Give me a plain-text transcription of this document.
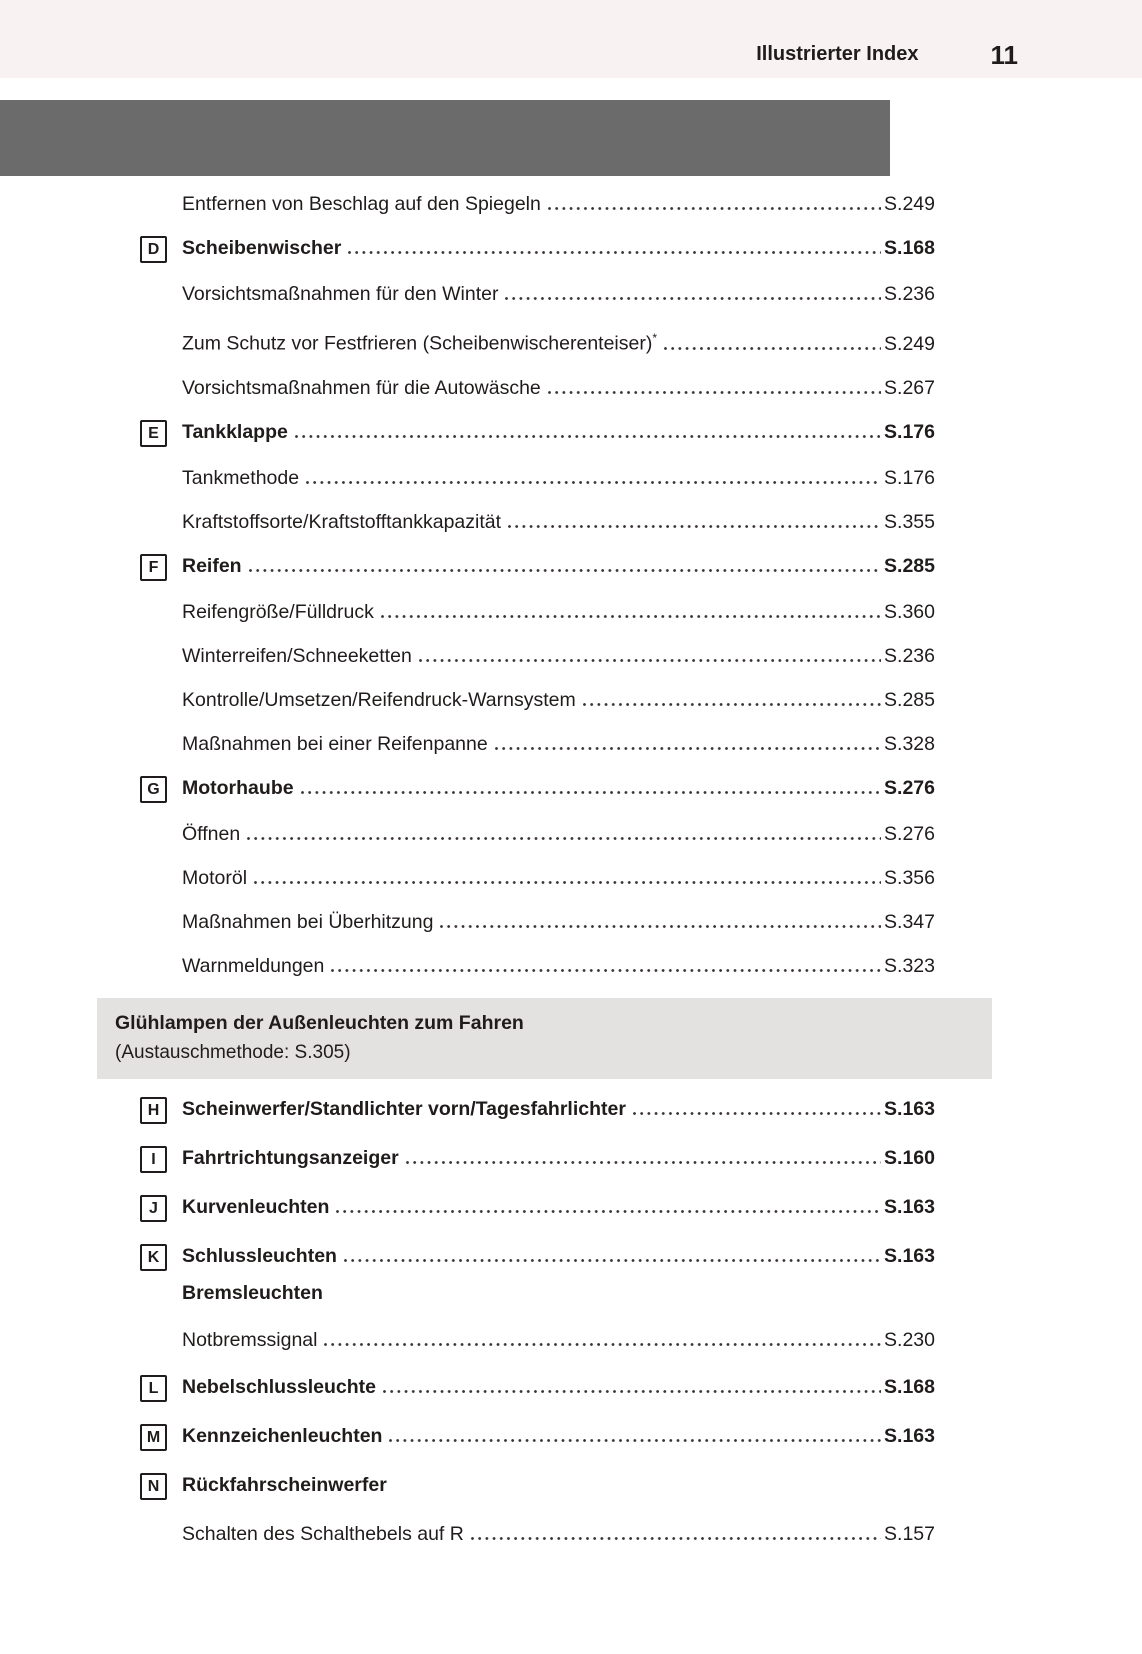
Illustrierter Index	11
Entfernen von Beschlag auf den Spiegeln	S.249
D	Scheibenwischer	S.168
Vorsichtsmaßnahmen für den Winter	S.236
Zum Schutz vor Festfrieren (Scheibenwischerenteiser)*	S.249
Vorsichtsmaßnahmen für die Autowäsche	S.267
E	Tankklappe	S.176
Tankmethode	S.176
Kraftstoffsorte/Kraftstofftankkapazität	S.355
F	Reifen	S.285
Reifengröße/Fülldruck	S.360
Winterreifen/Schneeketten	S.236
Kontrolle/Umsetzen/Reifendruck-Warnsystem	S.285
Maßnahmen bei einer Reifenpanne	S.328
G	Motorhaube	S.276
Öffnen	S.276
Motoröl	S.356
Maßnahmen bei Überhitzung	S.347
Warnmeldungen	S.323
Glühlampen der Außenleuchten zum Fahren
(Austauschmethode: S.305)
H	Scheinwerfer/Standlichter vorn/Tagesfahrlichter	S.163
I	Fahrtrichtungsanzeiger	S.160
J	Kurvenleuchten	S.163
K	Schlussleuchten	S.163
Bremsleuchten
Notbremssignal	S.230
L	Nebelschlussleuchte	S.168
M	Kennzeichenleuchten	S.163
N	Rückfahrscheinwerfer
Schalten des Schalthebels auf R	S.157
